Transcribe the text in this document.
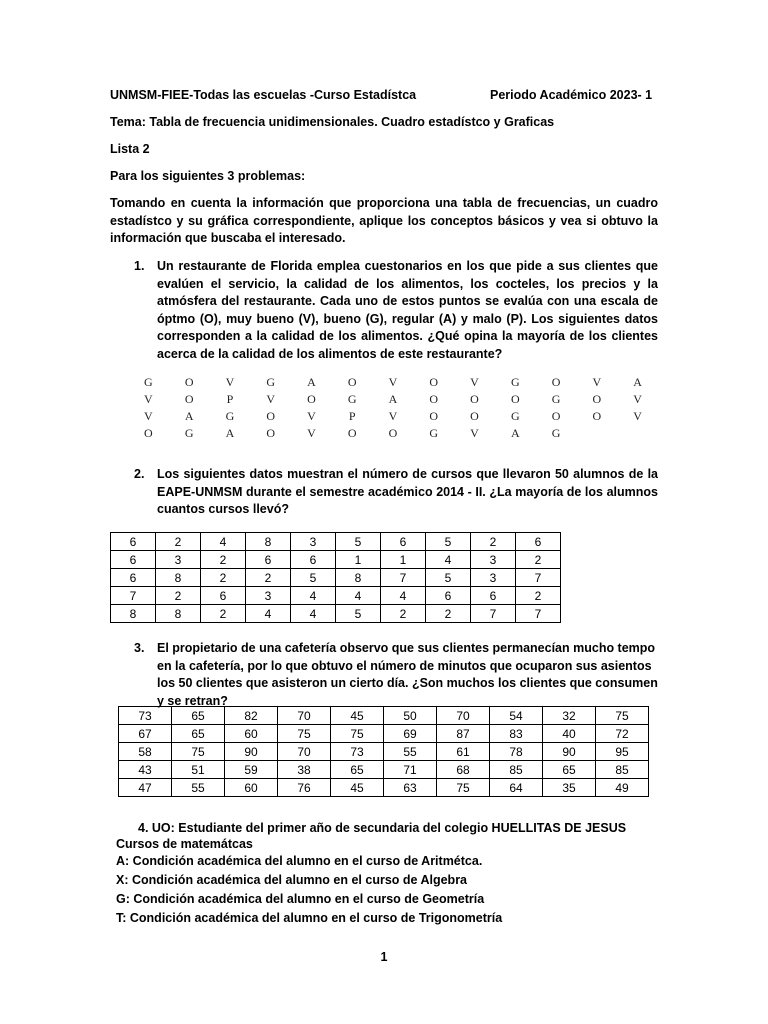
UNMSM-FIEE-Todas las escuelas -Curso Estadístca	Periodo Académico 2023- 1
Tema: Tabla de frecuencia unidimensionales. Cuadro estadístco y Graficas
Lista 2
Para los siguientes 3 problemas:
Tomando en cuenta la información que proporciona una tabla de frecuencias, un cuadro estadístco y su gráfica correspondiente, aplique los conceptos básicos y vea si obtuvo la información que buscaba el interesado.
1. Un restaurante de Florida emplea cuestonarios en los que pide a sus clientes que evalúen el servicio, la calidad de los alimentos, los cocteles, los precios y la atmósfera del restaurante. Cada uno de estos puntos se evalúa con una escala de óptmo (O), muy bueno (V), bueno (G), regular (A) y malo (P). Los siguientes datos corresponden a la calidad de los alimentos. ¿Qué opina la mayoría de los clientes acerca de la calidad de los alimentos de este restaurante?
G	O	V	G	A	O	V	O	V	G	O	V	A
V	O	P	V	O	G	A	O	O	O	G	O	V
V	A	G	O	V	P	V	O	O	G	O	O	V
O	G	A	O	V	O	O	G	V	A	G
2. Los siguientes datos muestran el número de cursos que llevaron 50 alumnos de la EAPE-UNMSM durante el semestre académico 2014 - II. ¿La mayoría de los alumnos cuantos cursos llevó?
6	2	4	8	3	5	6	5	2	6
6	3	2	6	6	1	1	4	3	2
6	8	2	2	5	8	7	5	3	7
7	2	6	3	4	4	4	6	6	2
8	8	2	4	4	5	2	2	7	7
3. El propietario de una cafetería observo que sus clientes permanecían mucho tempo en la cafetería, por lo que obtuvo el número de minutos que ocuparon sus asientos los 50 clientes que asisteron un cierto día. ¿Son muchos los clientes que consumen y se retran?
73	65	82	70	45	50	70	54	32	75
67	65	60	75	75	69	87	83	40	72
58	75	90	70	73	55	61	78	90	95
43	51	59	38	65	71	68	85	65	85
47	55	60	76	45	63	75	64	35	49
4. UO: Estudiante del primer año de secundaria del colegio HUELLITAS DE JESUS
Cursos de matemátcas
A: Condición académica del alumno en el curso de Aritmétca.
X: Condición académica del alumno en el curso de Algebra
G: Condición académica del alumno en el curso de Geometría
T: Condición académica del alumno en el curso de Trigonometría
1
